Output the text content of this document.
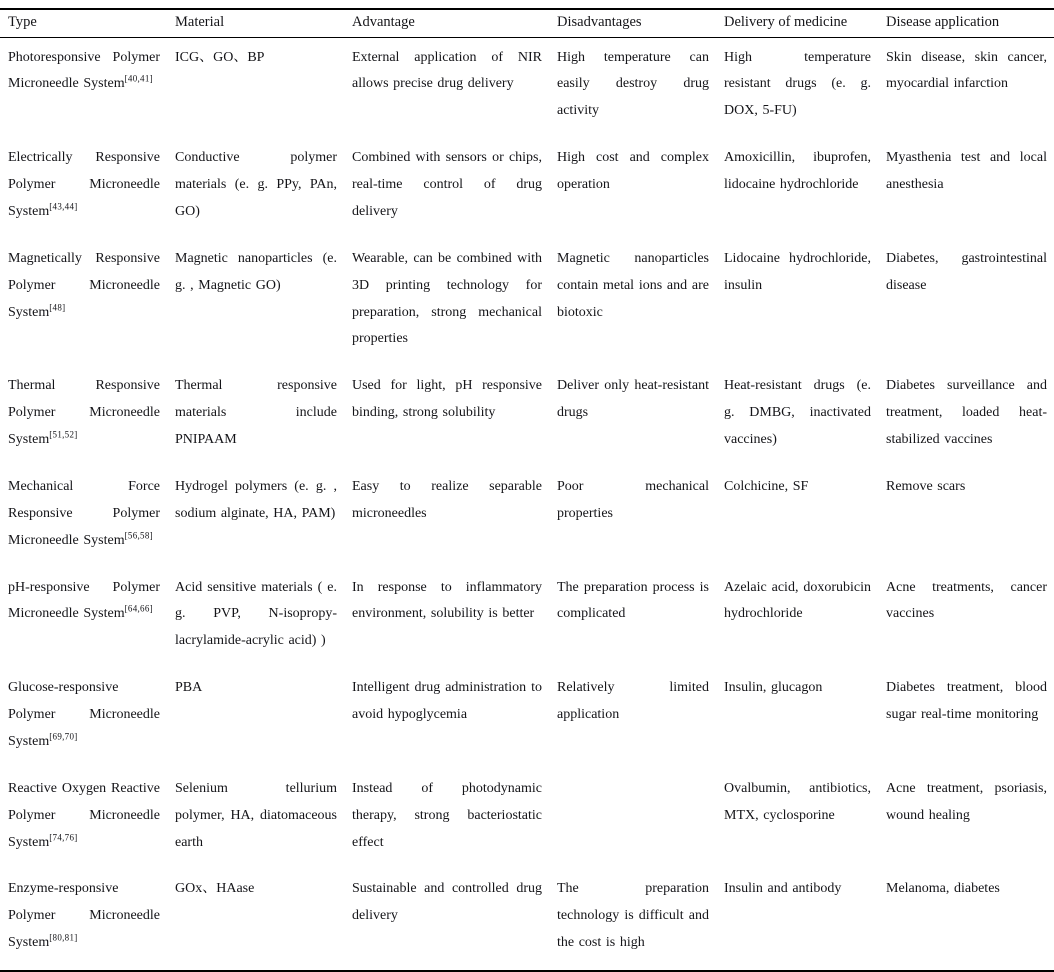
Type	Material	Advantage	Disadvantages	Delivery of medicine	Disease application
Photoresponsive Polymer Microneedle System[40,41]	ICG、GO、BP	External application of NIR allows precise drug delivery	High temperature can easily destroy drug activity	High temperature resistant drugs (e. g. DOX, 5-FU)	Skin disease, skin cancer, myocardial infarction
Electrically Responsive Polymer Microneedle System[43,44]	Conductive polymer materials (e. g. PPy, PAn, GO)	Combined with sensors or chips, real-time control of drug delivery	High cost and complex operation	Amoxicillin, ibuprofen, lidocaine hydrochloride	Myasthenia test and local anesthesia
Magnetically Responsive Polymer Microneedle System[48]	Magnetic nanoparticles (e. g. , Magnetic GO)	Wearable, can be combined with 3D printing technology for preparation, strong mechanical properties	Magnetic nanoparticles contain metal ions and are biotoxic	Lidocaine hydrochloride, insulin	Diabetes, gastrointestinal disease
Thermal Responsive Polymer Microneedle System[51,52]	Thermal responsive materials include PNIPAAM	Used for light, pH responsive binding, strong solubility	Deliver only heat-resistant drugs	Heat-resistant drugs (e. g. DMBG, inactivated vaccines)	Diabetes surveillance and treatment, loaded heat-stabilized vaccines
Mechanical Force Responsive Polymer Microneedle System[56,58]	Hydrogel polymers (e. g. , sodium alginate, HA, PAM)	Easy to realize separable microneedles	Poor mechanical properties	Colchicine, SF	Remove scars
pH-responsive Polymer Microneedle System[64,66]	Acid sensitive materials ( e. g. PVP, N-isopropy-lacrylamide-acrylic acid) )	In response to inflammatory environment, solubility is better	The preparation process is complicated	Azelaic acid, doxorubicin hydrochloride	Acne treatments, cancer vaccines
Glucose-responsive Polymer Microneedle System[69,70]	PBA	Intelligent drug administration to avoid hypoglycemia	Relatively limited application	Insulin, glucagon	Diabetes treatment, blood sugar real-time monitoring
Reactive Oxygen Reactive Polymer Microneedle System[74,76]	Selenium tellurium polymer, HA, diatomaceous earth	Instead of photodynamic therapy, strong bacteriostatic effect		Ovalbumin, antibiotics, MTX, cyclosporine	Acne treatment, psoriasis, wound healing
Enzyme-responsive Polymer Microneedle System[80,81]	GOx、HAase	Sustainable and controlled drug delivery	The preparation technology is difficult and the cost is high	Insulin and antibody	Melanoma, diabetes
